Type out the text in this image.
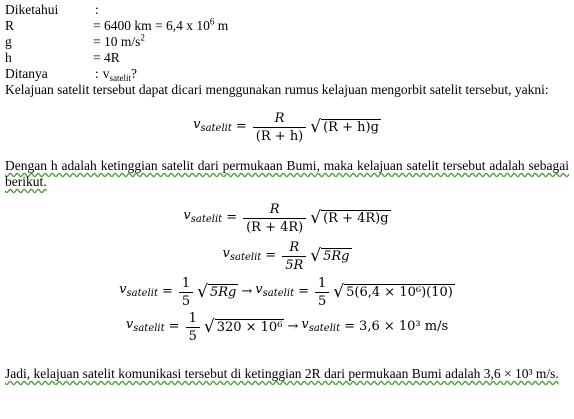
Diketahui	:
R	= 6400 km = 6,4 x $10^6$ m
g	= 10 $m/s^2$
h	= 4R
Ditanya	: $v_{satelit}$?
Kelajuan satelit tersebut dapat dicari menggunakan rumus kelajuan mengorbit satelit tersebut, yakni:
$v_{satelit} = \frac{R}{(R + h)}$ √ (R + h)g
Dengan h adalah ketinggian satelit dari permukaan Bumi, maka kelajuan satelit tersebut adalah sebagai berikut.
$v_{satelit} = \frac{R}{(R + 4R)}$ √ (R + 4R)g
$v_{satelit} = \frac{R}{5R}$ √ 5Rg
$v_{satelit} = \frac{1}{5}$ √ $5Rg \to v_{satelit} = \frac{1}{5}$ √ 5(6,4 × 10⁶)(10)
$v_{satelit} = \frac{1}{5}$ √ $320 \times 10^6 \to v_{satelit} = 3,6 \times 10^3$ m/s
Jadi, kelajuan satelit komunikasi tersebut di ketinggian 2R dari permukaan Bumi adalah 3,6 × 10³ m/s.
